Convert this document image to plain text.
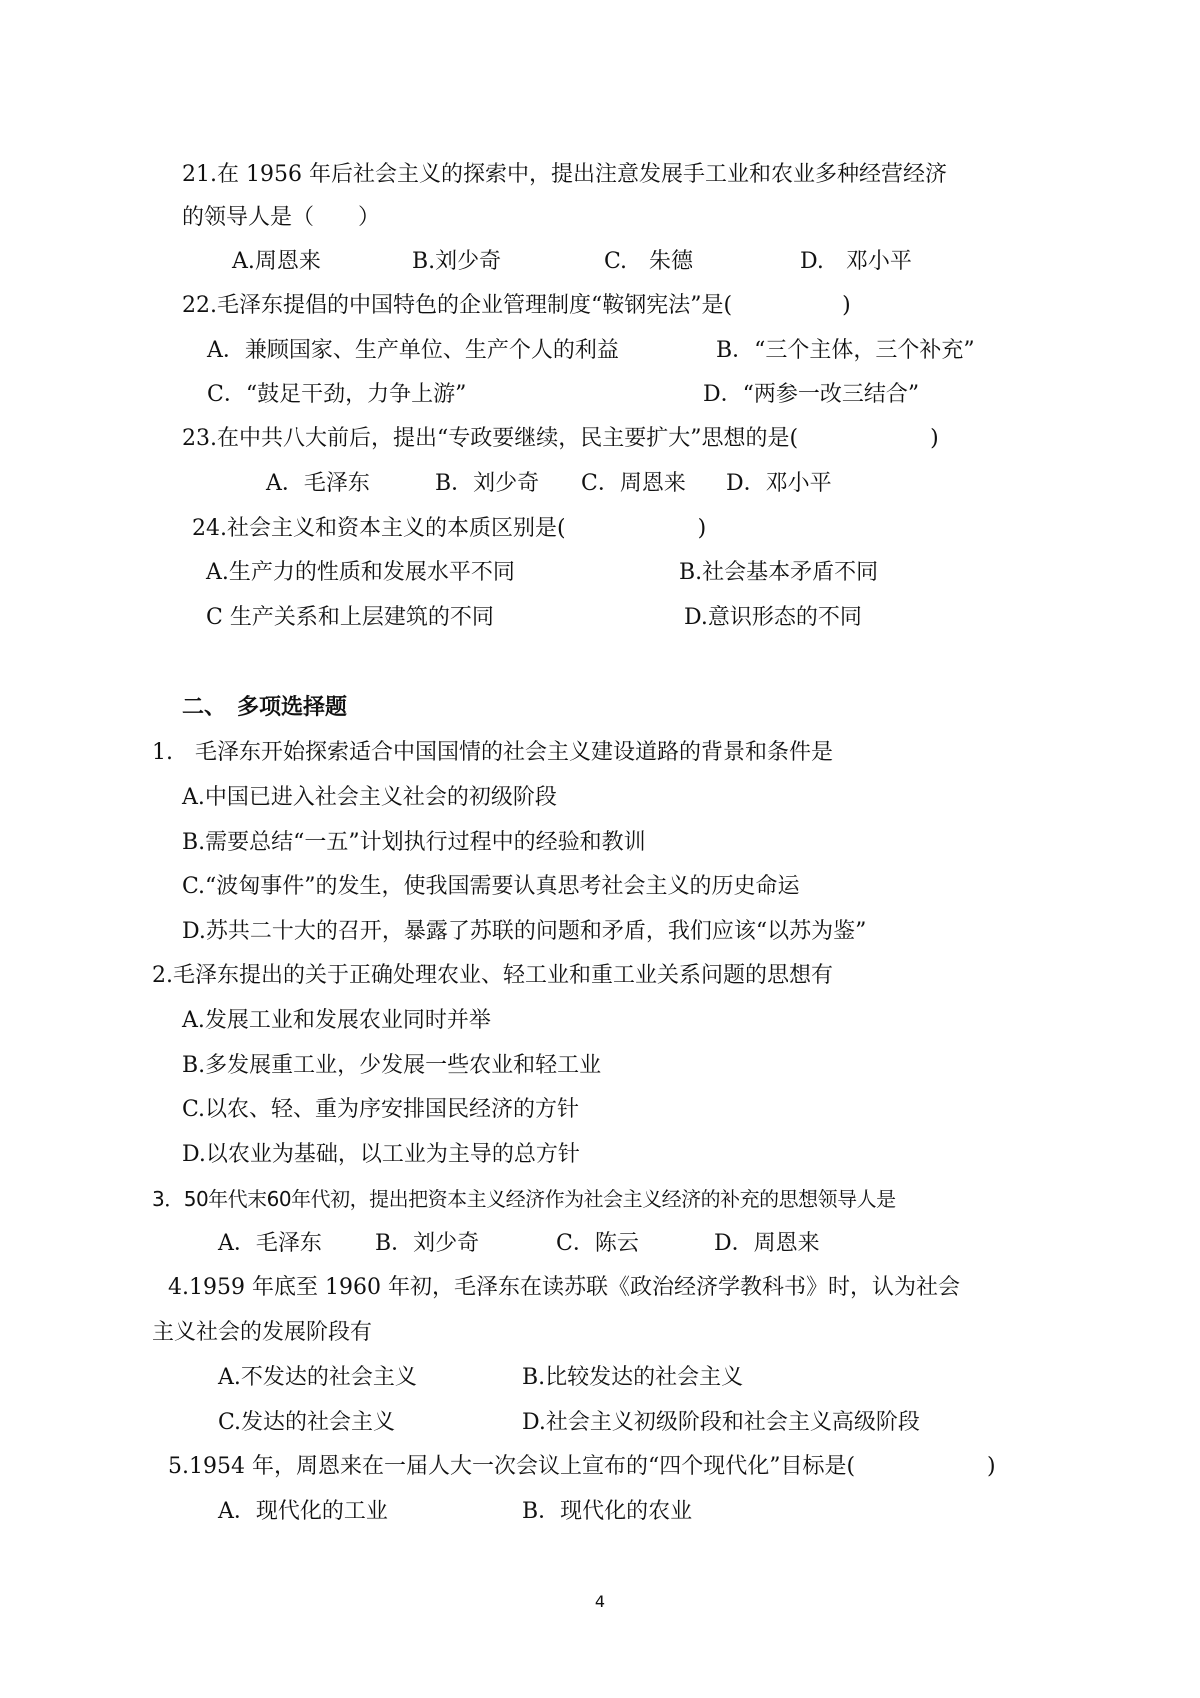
21.在 1956 年后社会主义的探索中，提出注意发展手工业和农业多种经营经济
的领导人是（　　）
A.周恩来	B.刘少奇	C.　朱德	D.　邓小平
22.毛泽东提倡的中国特色的企业管理制度“鞍钢宪法”是(　　　　　)
A．兼顾国家、生产单位、生产个人的利益	B．“三个主体，三个补充”
C．“鼓足干劲，力争上游”	D．“两参一改三结合”
23.在中共八大前后，提出“专政要继续，民主要扩大”思想的是(　　　　　　)
A．毛泽东	B．刘少奇 C．周恩来 D．邓小平
24.社会主义和资本主义的本质区别是(　　　　　　)
A.生产力的性质和发展水平不同	B.社会基本矛盾不同
C 生产关系和上层建筑的不同	D.意识形态的不同
二、　多项选择题
1.　毛泽东开始探索适合中国国情的社会主义建设道路的背景和条件是
A.中国已进入社会主义社会的初级阶段
B.需要总结“一五”计划执行过程中的经验和教训
C.“波匈事件”的发生，使我国需要认真思考社会主义的历史命运
D.苏共二十大的召开，暴露了苏联的问题和矛盾，我们应该“以苏为鉴”
2.毛泽东提出的关于正确处理农业、轻工业和重工业关系问题的思想有
A.发展工业和发展农业同时并举
B.多发展重工业，少发展一些农业和轻工业
C.以农、轻、重为序安排国民经济的方针
D.以农业为基础，以工业为主导的总方针
3．50年代末60年代初，提出把资本主义经济作为社会主义经济的补充的思想领导人是
A．毛泽东 B．刘少奇	C．陈云	D．周恩来
4.1959 年底至 1960 年初，毛泽东在读苏联《政治经济学教科书》时，认为社会
主义社会的发展阶段有
A.不发达的社会主义	B.比较发达的社会主义
C.发达的社会主义	D.社会主义初级阶段和社会主义高级阶段
5.1954 年，周恩来在一届人大一次会议上宣布的“四个现代化”目标是(　　　　　　)
A．现代化的工业	B．现代化的农业
4
